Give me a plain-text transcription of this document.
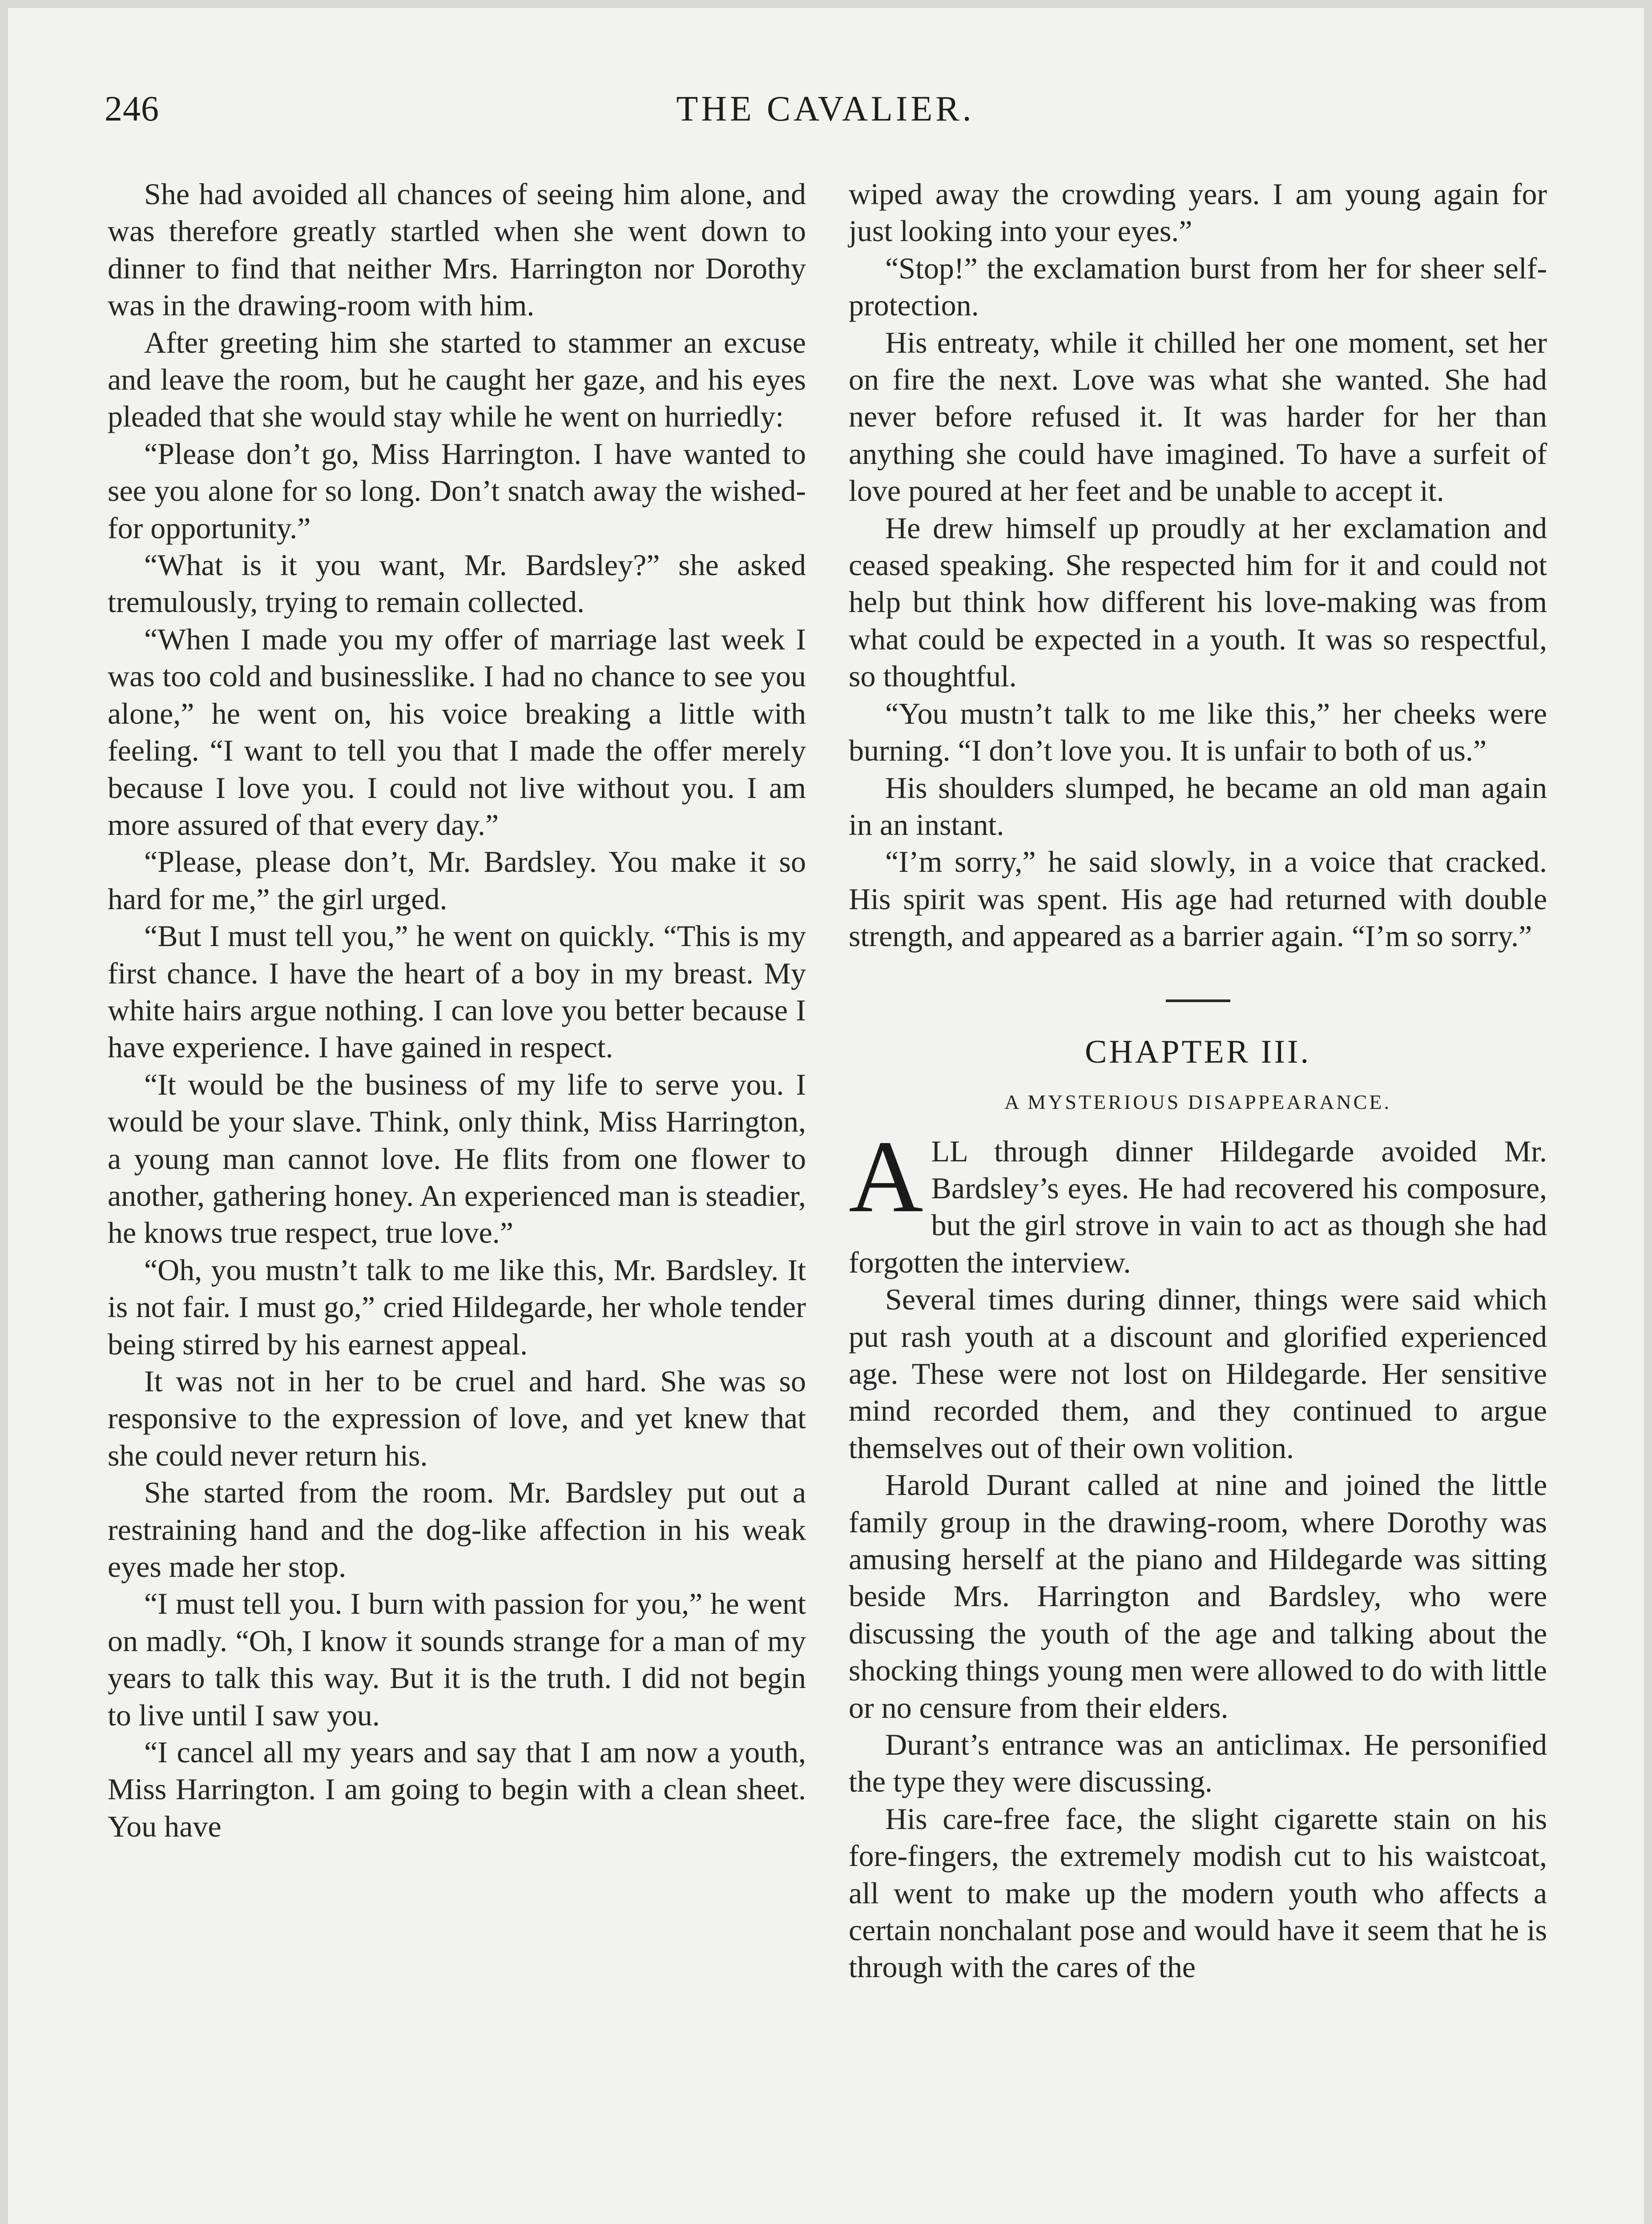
246	THE CAVALIER.

She had avoided all chances of seeing him alone, and was therefore greatly startled when she went down to dinner to find that neither Mrs. Harrington nor Dorothy was in the drawing-room with him.

After greeting him she started to stammer an excuse and leave the room, but he caught her gaze, and his eyes pleaded that she would stay while he went on hurriedly:

“Please don’t go, Miss Harrington. I have wanted to see you alone for so long. Don’t snatch away the wished-for opportunity.”

“What is it you want, Mr. Bardsley?” she asked tremulously, trying to remain collected.

“When I made you my offer of marriage last week I was too cold and businesslike. I had no chance to see you alone,” he went on, his voice breaking a little with feeling. “I want to tell you that I made the offer merely because I love you. I could not live without you. I am more assured of that every day.”

“Please, please don’t, Mr. Bardsley. You make it so hard for me,” the girl urged.

“But I must tell you,” he went on quickly. “This is my first chance. I have the heart of a boy in my breast. My white hairs argue nothing. I can love you better because I have experience. I have gained in respect.

“It would be the business of my life to serve you. I would be your slave. Think, only think, Miss Harrington, a young man cannot love. He flits from one flower to another, gathering honey. An experienced man is steadier, he knows true respect, true love.”

“Oh, you mustn’t talk to me like this, Mr. Bardsley. It is not fair. I must go,” cried Hildegarde, her whole tender being stirred by his earnest appeal.

It was not in her to be cruel and hard. She was so responsive to the expression of love, and yet knew that she could never return his.

She started from the room. Mr. Bardsley put out a restraining hand and the dog-like affection in his weak eyes made her stop.

“I must tell you. I burn with passion for you,” he went on madly. “Oh, I know it sounds strange for a man of my years to talk this way. But it is the truth. I did not begin to live until I saw you.

“I cancel all my years and say that I am now a youth, Miss Harrington. I am going to begin with a clean sheet. You have

wiped away the crowding years. I am young again for just looking into your eyes.”

“Stop!” the exclamation burst from her for sheer self-protection.

His entreaty, while it chilled her one moment, set her on fire the next. Love was what she wanted. She had never before refused it. It was harder for her than anything she could have imagined. To have a surfeit of love poured at her feet and be unable to accept it.

He drew himself up proudly at her exclamation and ceased speaking. She respected him for it and could not help but think how different his love-making was from what could be expected in a youth. It was so respectful, so thoughtful.

“You mustn’t talk to me like this,” her cheeks were burning. “I don’t love you. It is unfair to both of us.”

His shoulders slumped, he became an old man again in an instant.

“I’m sorry,” he said slowly, in a voice that cracked. His spirit was spent. His age had returned with double strength, and appeared as a barrier again. “I’m so sorry.”

CHAPTER III.
A MYSTERIOUS DISAPPEARANCE.

ALL through dinner Hildegarde avoided Mr. Bardsley’s eyes. He had recovered his composure, but the girl strove in vain to act as though she had forgotten the interview.

Several times during dinner, things were said which put rash youth at a discount and glorified experienced age. These were not lost on Hildegarde. Her sensitive mind recorded them, and they continued to argue themselves out of their own volition.

Harold Durant called at nine and joined the little family group in the drawing-room, where Dorothy was amusing herself at the piano and Hildegarde was sitting beside Mrs. Harrington and Bardsley, who were discussing the youth of the age and talking about the shocking things young men were allowed to do with little or no censure from their elders.

Durant’s entrance was an anticlimax. He personified the type they were discussing.

His care-free face, the slight cigarette stain on his fore-fingers, the extremely modish cut to his waistcoat, all went to make up the modern youth who affects a certain nonchalant pose and would have it seem that he is through with the cares of the
